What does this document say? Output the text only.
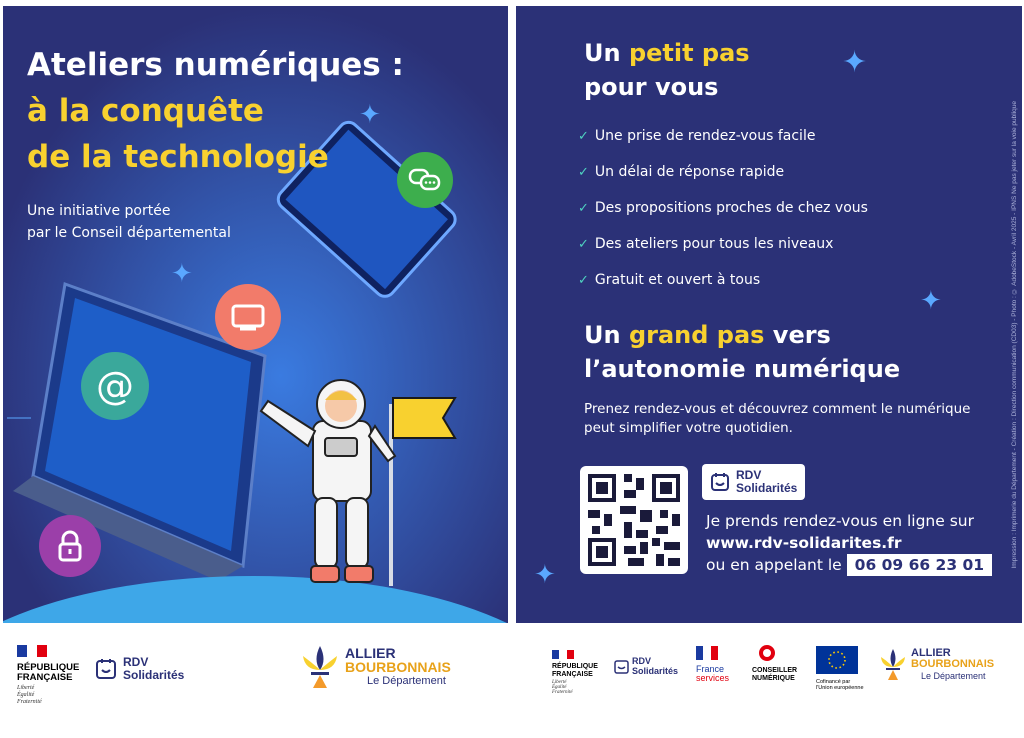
Ateliers numériques :
à la conquête
de la technologie
Une initiative portée
par le Conseil départemental
✦
✦
@
Un petit pas
pour vous
✦
✦
✦
✓ Une prise de rendez-vous facile
✓ Un délai de réponse rapide
✓ Des propositions proches de chez vous
✓ Des ateliers pour tous les niveaux
✓ Gratuit et ouvert à tous
Un grand pas vers
l’autonomie numérique
Prenez rendez-vous et découvrez comment le numérique
peut simplifier votre quotidien.
RDV
Solidarités
Je prends rendez-vous en ligne sur
www.rdv-solidarites.fr
ou en appelant le 06 09 66 23 01	Impression : Imprimerie du Département - Création : Direction communication (CD03) - Photo : © AdobeStock - Avril 2025 - IPNS Ne pas jeter sur la voie publique
RÉPUBLIQUE
FRANÇAISE
Liberté
Égalité
Fraternité
RDV
Solidarités
ALLIER
BOURBONNAIS
Le Département
RÉPUBLIQUE
FRANÇAISE
Liberté
Égalité
Fraternité
RDV
Solidarités France
services
CONSEILLER
NUMÉRIQUE	Cofinancé par
l'Union européenne
ALLIER
BOURBONNAIS
Le Département
